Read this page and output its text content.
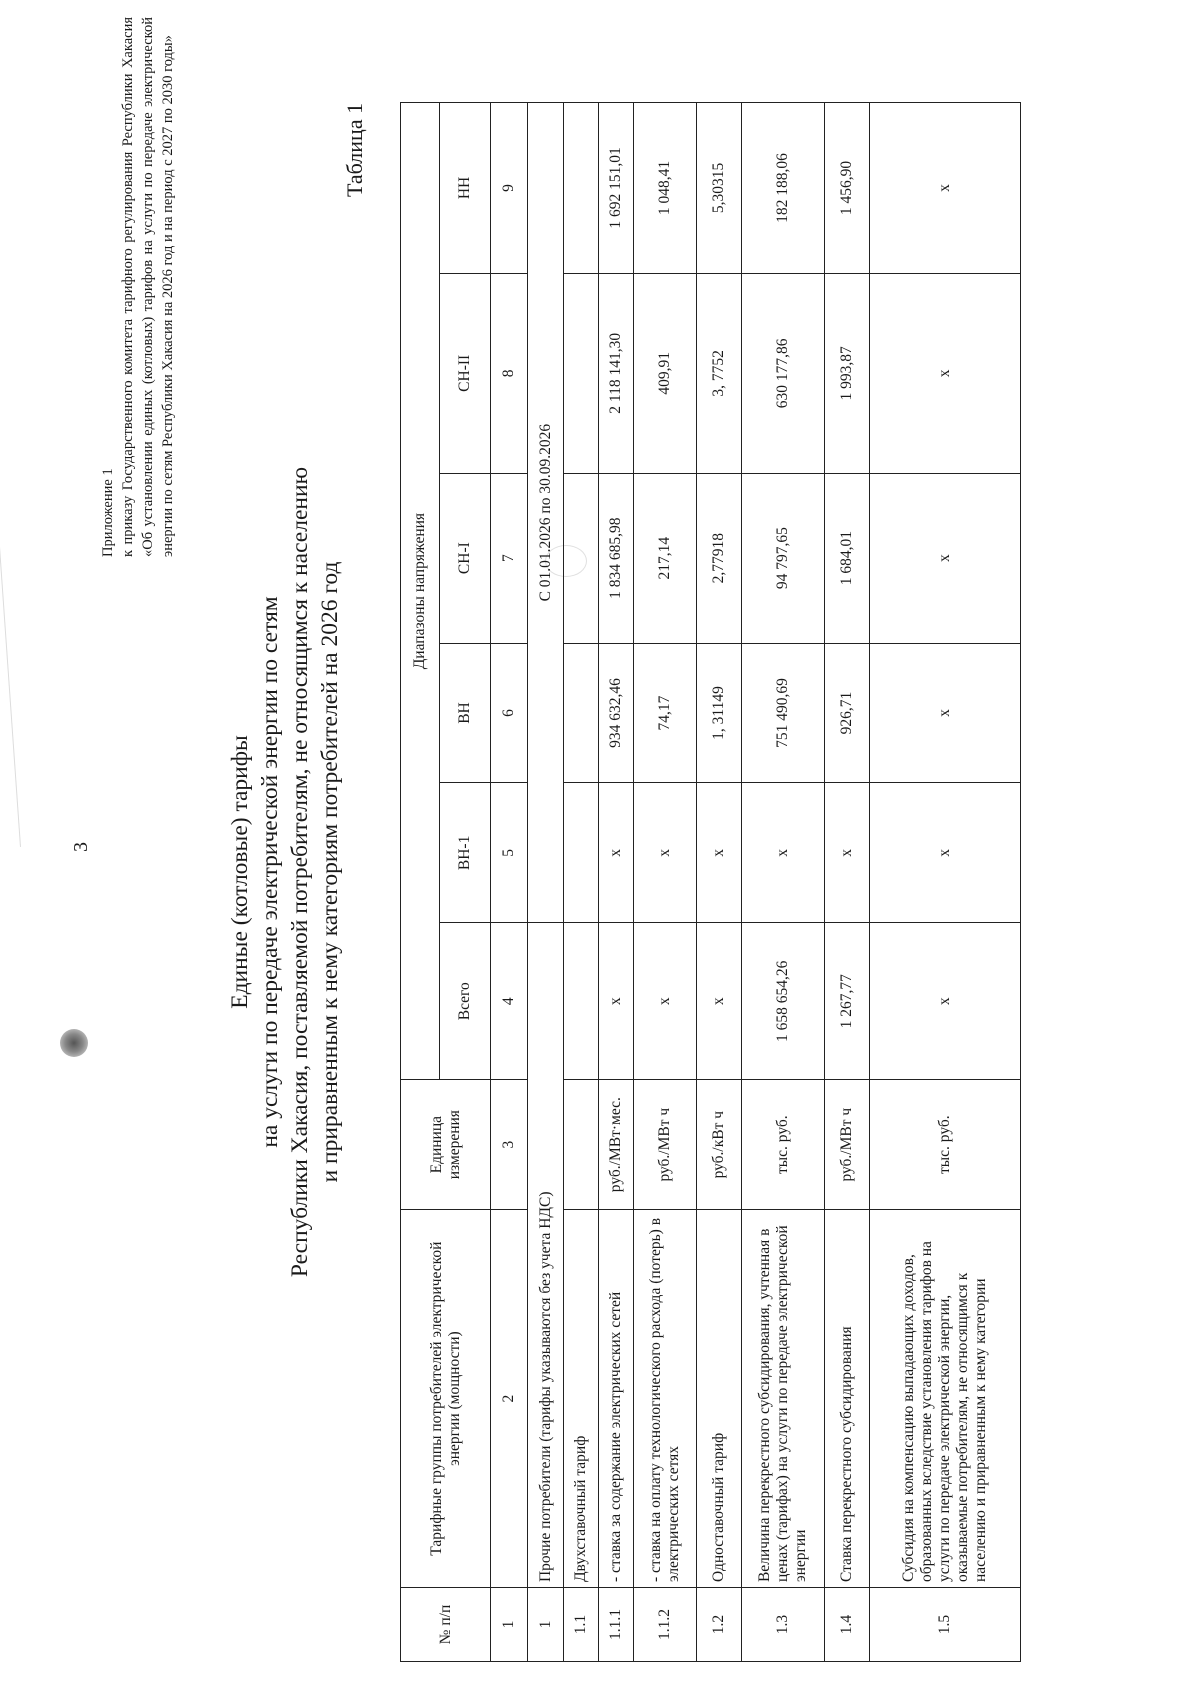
3
Приложение 1 к приказу Государственного комитета тарифного регулирования Республики Хакасия «Об установлении единых (котловых) тарифов на услуги по передаче электрической энергии по сетям Республики Хакасия на 2026 год и на период с 2027 по 2030 годы»
Единые (котловые) тарифы на услуги по передаче электрической энергии по сетям Республики Хакасия, поставляемой потребителям, не относящимся к населению и приравненным к нему категориям потребителей на 2026 год
Таблица 1
№ п/п	Тарифные группы потребителей электрической энергии (мощности)	Единица измерения	Диапазоны напряжения					
			Всего	ВН-1	ВН	СН-I	СН-II	НН
1	2	3	4	5	6	7	8	9
1	Прочие потребители (тарифы указываются без учета НДС)			С 01.01.2026 по 30.09.2026				
1.1	Двухставочный тариф							
1.1.1	- ставка за содержание электрических сетей	руб./МВт·мес.	x	x	934 632,46	1 834 685,98	2 118 141,30	1 692 151,01
1.1.2	- ставка на оплату технологического расхода (потерь) в электрических сетях	руб./МВт ч	x	x	74,17	217,14	409,91	1 048,41
1.2	Одноставочный тариф	руб./кВт ч	x	x	1, 31149	2,77918	3, 7752	5,30315
1.3	Величина перекрестного субсидирования, учтенная в ценах (тарифах) на услуги по передаче электрической энергии	тыс. руб.	1 658 654,26	x	751 490,69	94 797,65	630 177,86	182 188,06
1.4	Ставка перекрестного субсидирования	руб./МВт ч	1 267,77	x	926,71	1 684,01	1 993,87	1 456,90
1.5	Субсидия на компенсацию выпадающих доходов, образованных вследствие установления тарифов на услуги по передаче электрической энергии, оказываемые потребителям, не относящимся к населению и приравненным к нему категории	тыс. руб.	x	x	x	x	x	x
